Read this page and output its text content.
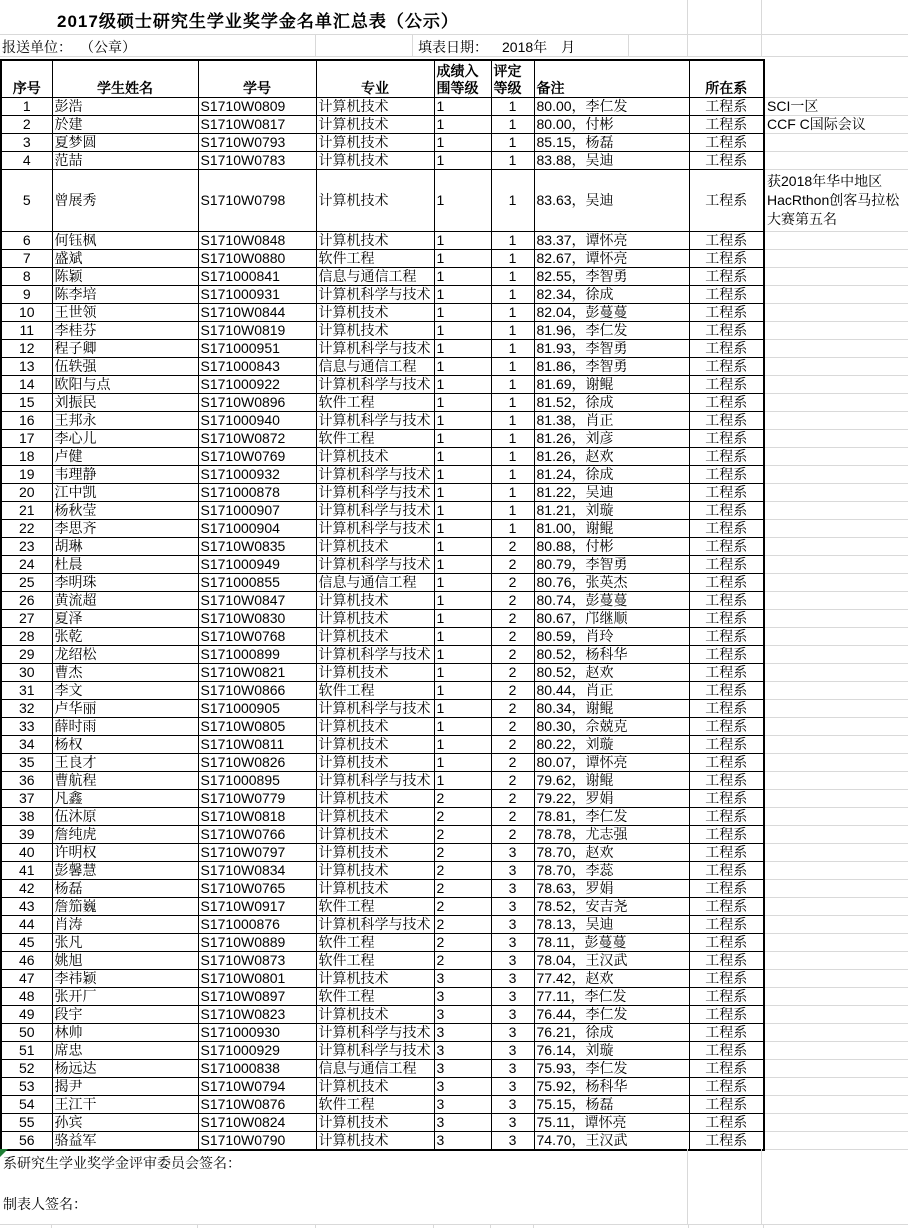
2017级硕士研究生学业奖学金名单汇总表（公示）
报送单位： （公章）	填表日期： 2018年　月
序号	学生姓名	学号	专业	成绩入围等级	评定等级	备注	所在系	
1	彭浩	S1710W0809	计算机技术	1	1	80.00，李仁发	工程系	SCI一区
2	於建	S1710W0817	计算机技术	1	1	80.00，付彬	工程系	CCF C国际会议
3	夏梦圆	S1710W0793	计算机技术	1	1	85.15，杨磊	工程系	
4	范喆	S1710W0783	计算机技术	1	1	83.88，吴迪	工程系	
5	曾展秀	S1710W0798	计算机技术	1	1	83.63，吴迪	工程系	获2018年华中地区HacRthon创客马拉松大赛第五名
6	何钰枫	S1710W0848	计算机技术	1	1	83.37，谭怀亮	工程系	
7	盛斌	S1710W0880	软件工程	1	1	82.67，谭怀亮	工程系	
8	陈颖	S171000841	信息与通信工程	1	1	82.55，李智勇	工程系	
9	陈李培	S171000931	计算机科学与技术	1	1	82.34，徐成	工程系	
10	王世领	S1710W0844	计算机技术	1	1	82.04，彭蔓蔓	工程系	
11	李桂芬	S1710W0819	计算机技术	1	1	81.96，李仁发	工程系	
12	程子卿	S171000951	计算机科学与技术	1	1	81.93，李智勇	工程系	
13	伍轶强	S171000843	信息与通信工程	1	1	81.86，李智勇	工程系	
14	欧阳与点	S171000922	计算机科学与技术	1	1	81.69，谢鲲	工程系	
15	刘振民	S1710W0896	软件工程	1	1	81.52，徐成	工程系	
16	王邦永	S171000940	计算机科学与技术	1	1	81.38，肖正	工程系	
17	李心儿	S1710W0872	软件工程	1	1	81.26，刘彦	工程系	
18	卢健	S1710W0769	计算机技术	1	1	81.26，赵欢	工程系	
19	韦理静	S171000932	计算机科学与技术	1	1	81.24，徐成	工程系	
20	江中凯	S171000878	计算机科学与技术	1	1	81.22，吴迪	工程系	
21	杨秋莹	S171000907	计算机科学与技术	1	1	81.21，刘璇	工程系	
22	李思齐	S171000904	计算机科学与技术	1	1	81.00，谢鲲	工程系	
23	胡琳	S1710W0835	计算机技术	1	2	80.88，付彬	工程系	
24	杜晨	S171000949	计算机科学与技术	1	2	80.79，李智勇	工程系	
25	李明珠	S171000855	信息与通信工程	1	2	80.76，张英杰	工程系	
26	黄流超	S1710W0847	计算机技术	1	2	80.74，彭蔓蔓	工程系	
27	夏泽	S1710W0830	计算机技术	1	2	80.67，邝继顺	工程系	
28	张乾	S1710W0768	计算机技术	1	2	80.59，肖玲	工程系	
29	龙绍松	S171000899	计算机科学与技术	1	2	80.52，杨科华	工程系	
30	曹杰	S1710W0821	计算机技术	1	2	80.52，赵欢	工程系	
31	李文	S1710W0866	软件工程	1	2	80.44，肖正	工程系	
32	卢华丽	S171000905	计算机科学与技术	1	2	80.34，谢鲲	工程系	
33	薛时雨	S1710W0805	计算机技术	1	2	80.30，佘兢克	工程系	
34	杨权	S1710W0811	计算机技术	1	2	80.22，刘璇	工程系	
35	王良才	S1710W0826	计算机技术	1	2	80.07，谭怀亮	工程系	
36	曹航程	S171000895	计算机科学与技术	1	2	79.62，谢鲲	工程系	
37	凡鑫	S1710W0779	计算机技术	2	2	79.22，罗娟	工程系	
38	伍沐原	S1710W0818	计算机技术	2	2	78.81，李仁发	工程系	
39	詹纯虎	S1710W0766	计算机技术	2	2	78.78，尤志强	工程系	
40	许明权	S1710W0797	计算机技术	2	3	78.70，赵欢	工程系	
41	彭馨慧	S1710W0834	计算机技术	2	3	78.70，李蕊	工程系	
42	杨磊	S1710W0765	计算机技术	2	3	78.63，罗娟	工程系	
43	詹笳巍	S1710W0917	软件工程	2	3	78.52，安吉尧	工程系	
44	肖涛	S171000876	计算机科学与技术	2	3	78.13，吴迪	工程系	
45	张凡	S1710W0889	软件工程	2	3	78.11，彭蔓蔓	工程系	
46	姚旭	S1710W0873	软件工程	2	3	78.04，王汉武	工程系	
47	李祎颖	S1710W0801	计算机技术	3	3	77.42，赵欢	工程系	
48	张开厂	S1710W0897	软件工程	3	3	77.11，李仁发	工程系	
49	段宇	S1710W0823	计算机技术	3	3	76.44，李仁发	工程系	
50	林帅	S171000930	计算机科学与技术	3	3	76.21，徐成	工程系	
51	席忠	S171000929	计算机科学与技术	3	3	76.14，刘璇	工程系	
52	杨远达	S171000838	信息与通信工程	3	3	75.93，李仁发	工程系	
53	揭尹	S1710W0794	计算机技术	3	3	75.92，杨科华	工程系	
54	王江干	S1710W0876	软件工程	3	3	75.15，杨磊	工程系	
55	孙宾	S1710W0824	计算机技术	3	3	75.11，谭怀亮	工程系	
56	骆益军	S1710W0790	计算机技术	3	3	74.70，王汉武	工程系	
系研究生学业奖学金评审委员会签名：
制表人签名：
